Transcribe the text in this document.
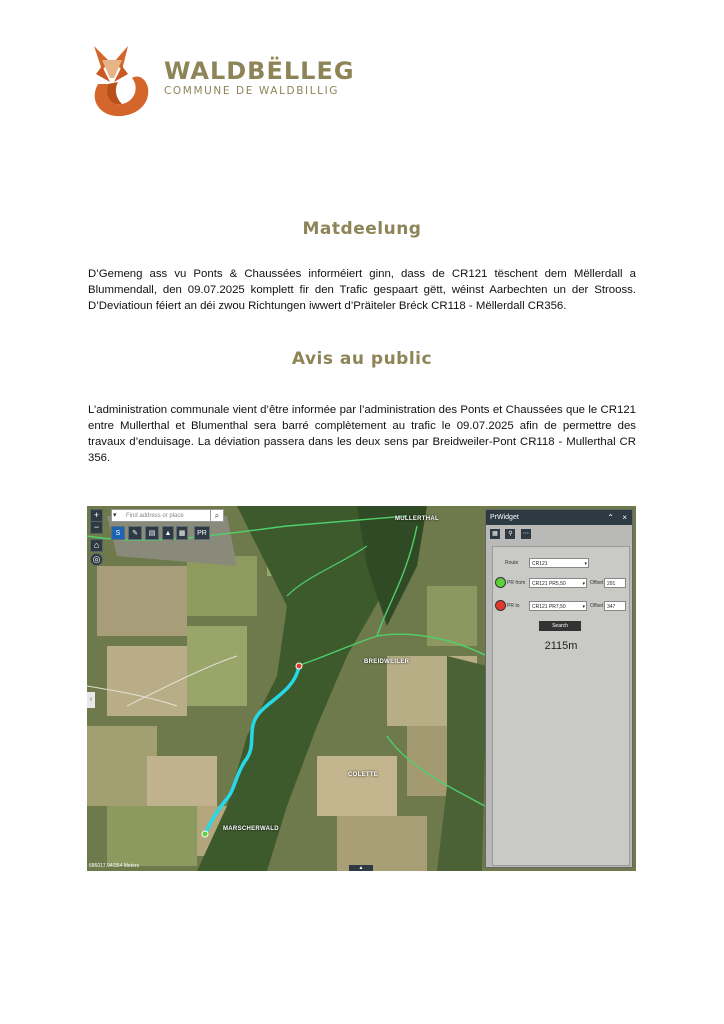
WALDBËLLEG
COMMUNE DE WALDBILLIG
Matdeelung

D’Gemeng ass vu Ponts & Chaussées informéiert ginn, dass de CR121 tëschent dem Mëllerdall a Blummendall, den 09.07.2025 komplett fir den Trafic gespaart gëtt, wéinst Aarbechten un der Strooss. D’Deviatioun féiert an déi zwou Richtungen iwwert d’Präiteler Bréck CR118 - Mëllerdall CR356.

Avis au public

L’administration communale vient d’être informée par l’administration des Ponts et Chaussées que le CR121 entre Mullerthal et Blumenthal sera barré complètement au trafic le 09.07.2025 afin de permettre des travaux d’enduisage. La déviation passera dans les deux sens par Breidweiler-Pont CR118 - Mullerthal CR 356.

+
−
⌂
◎
Find address or place
▾	⌕
S	✎	▤	▲	▦	PR
MULLERTHAL
BREIDWEILER
COLETTE
MARSCHERWALD
686017.94/354 Meters
‹
▲
PrWidget	⌃ ×
▦ ⚲ ⋯
Route	CR121	▾
PR from	CR121 PR5,50	▾ Offset 291
PR to	CR121 PR7,50	▾ Offset 347
Search
2115m
